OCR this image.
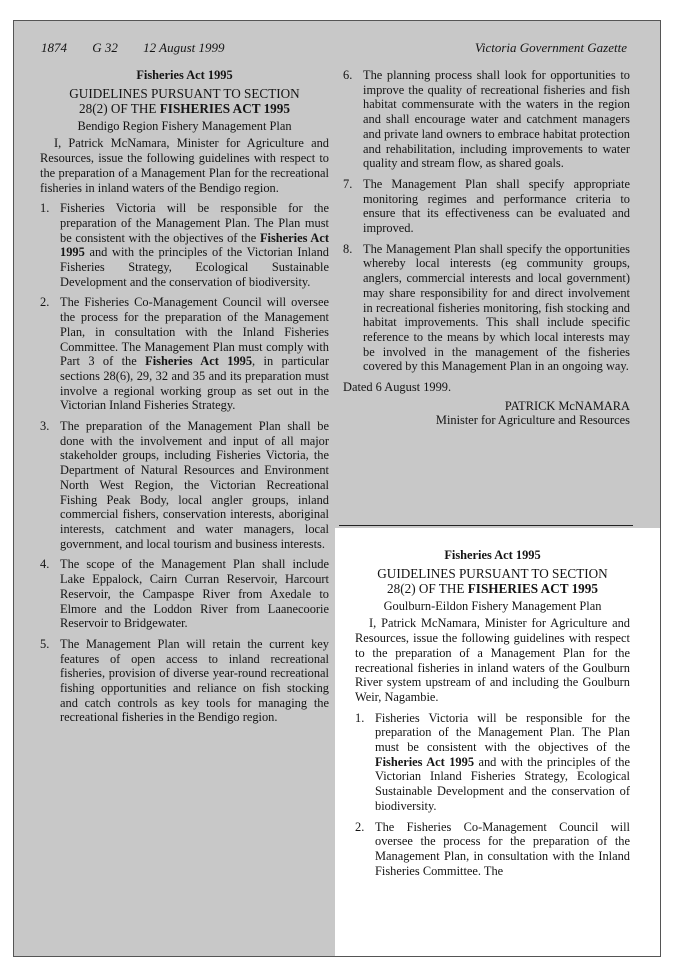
1874 G 32 12 August 1999	Victoria Government Gazette

Fisheries Act 1995

GUIDELINES PURSUANT TO SECTION
28(2) OF THE FISHERIES ACT 1995

Bendigo Region Fishery Management Plan

I, Patrick McNamara, Minister for Agriculture and Resources, issue the following guidelines with respect to the preparation of a Management Plan for the recreational fisheries in inland waters of the Bendigo region.

1. Fisheries Victoria will be responsible for the preparation of the Management Plan. The Plan must be consistent with the objectives of the Fisheries Act 1995 and with the principles of the Victorian Inland Fisheries Strategy, Ecological Sustainable Development and the conservation of biodiversity.
2. The Fisheries Co-Management Council will oversee the process for the preparation of the Management Plan, in consultation with the Inland Fisheries Committee. The Management Plan must comply with Part 3 of the Fisheries Act 1995, in particular sections 28(6), 29, 32 and 35 and its preparation must involve a regional working group as set out in the Victorian Inland Fisheries Strategy.
3. The preparation of the Management Plan shall be done with the involvement and input of all major stakeholder groups, including Fisheries Victoria, the Department of Natural Resources and Environment North West Region, the Victorian Recreational Fishing Peak Body, local angler groups, inland commercial fishers, conservation interests, aboriginal interests, catchment and water managers, local government, and local tourism and business interests.
4. The scope of the Management Plan shall include Lake Eppalock, Cairn Curran Reservoir, Harcourt Reservoir, the Campaspe River from Axedale to Elmore and the Loddon River from Laanecoorie Reservoir to Bridgewater.
5. The Management Plan will retain the current key features of open access to inland recreational fisheries, provision of diverse year-round recreational fishing opportunities and reliance on fish stocking and catch controls as key tools for managing the recreational fisheries in the Bendigo region.
6. The planning process shall look for opportunities to improve the quality of recreational fisheries and fish habitat commensurate with the waters in the region and shall encourage water and catchment managers and private land owners to embrace habitat protection and rehabilitation, including improvements to water quality and stream flow, as shared goals.
7. The Management Plan shall specify appropriate monitoring regimes and performance criteria to ensure that its effectiveness can be evaluated and improved.
8. The Management Plan shall specify the opportunities whereby local interests (eg community groups, anglers, commercial interests and local government) may share responsibility for and direct involvement in recreational fisheries monitoring, fish stocking and habitat improvements. This shall include specific reference to the means by which local interests may be involved in the management of the fisheries covered by this Management Plan in an ongoing way.

Dated 6 August 1999.

PATRICK McNAMARA

Minister for Agriculture and Resources

Fisheries Act 1995

GUIDELINES PURSUANT TO SECTION
28(2) OF THE FISHERIES ACT 1995

Goulburn-Eildon Fishery Management Plan

I, Patrick McNamara, Minister for Agriculture and Resources, issue the following guidelines with respect to the preparation of a Management Plan for the recreational fisheries in inland waters of the Goulburn River system upstream of and including the Goulburn Weir, Nagambie.

1. Fisheries Victoria will be responsible for the preparation of the Management Plan. The Plan must be consistent with the objectives of the Fisheries Act 1995 and with the principles of the Victorian Inland Fisheries Strategy, Ecological Sustainable Development and the conservation of biodiversity.
2. The Fisheries Co-Management Council will oversee the process for the preparation of the Management Plan, in consultation with the Inland Fisheries Committee. The
